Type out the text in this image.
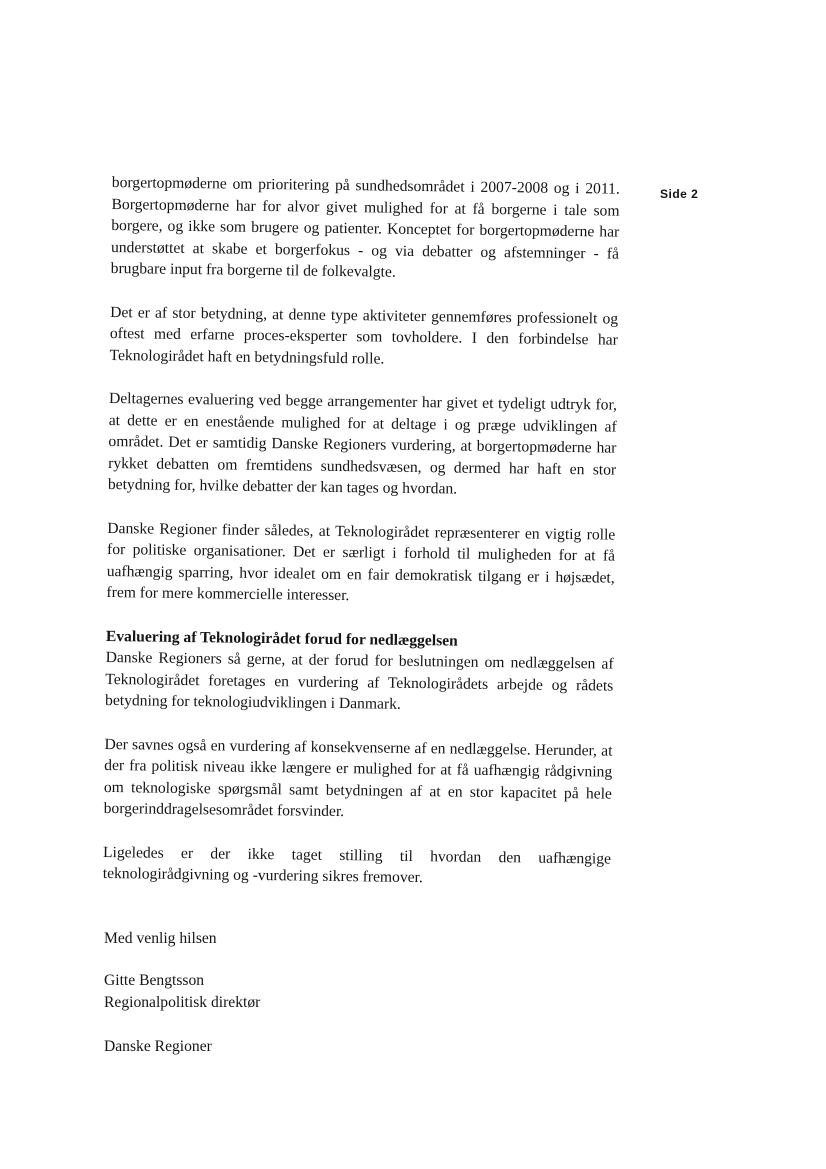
Side 2

borgertopmøderne om prioritering på sundhedsområdet i 2007-2008 og i 2011. Borgertopmøderne har for alvor givet mulighed for at få borgerne i tale som borgere, og ikke som brugere og patienter. Konceptet for borgertopmøderne har understøttet at skabe et borgerfokus - og via debatter og afstemninger - få brugbare input fra borgerne til de folkevalgte.

Det er af stor betydning, at denne type aktiviteter gennemføres professionelt og oftest med erfarne proces-eksperter som tovholdere. I den forbindelse har Teknologirådet haft en betydningsfuld rolle.

Deltagernes evaluering ved begge arrangementer har givet et tydeligt udtryk for, at dette er en enestående mulighed for at deltage i og præge udviklingen af området. Det er samtidig Danske Regioners vurdering, at borgertopmøderne har rykket debatten om fremtidens sundhedsvæsen, og dermed har haft en stor betydning for, hvilke debatter der kan tages og hvordan.

Danske Regioner finder således, at Teknologirådet repræsenterer en vigtig rolle for politiske organisationer. Det er særligt i forhold til muligheden for at få uafhængig sparring, hvor idealet om en fair demokratisk tilgang er i højsædet, frem for mere kommercielle interesser.

Evaluering af Teknologirådet forud for nedlæggelsen

Danske Regioners så gerne, at der forud for beslutningen om nedlæggelsen af Teknologirådet foretages en vurdering af Teknologirådets arbejde og rådets betydning for teknologiudviklingen i Danmark.

Der savnes også en vurdering af konsekvenserne af en nedlæggelse. Herunder, at der fra politisk niveau ikke længere er mulighed for at få uafhængig rådgivning om teknologiske spørgsmål samt betydningen af at en stor kapacitet på hele borgerinddragelsesområdet forsvinder.

Ligeledes er der ikke taget stilling til hvordan den uafhængige teknologirådgivning og -vurdering sikres fremover.

Med venlig hilsen

Gitte Bengtsson

Regionalpolitisk direktør

Danske Regioner
